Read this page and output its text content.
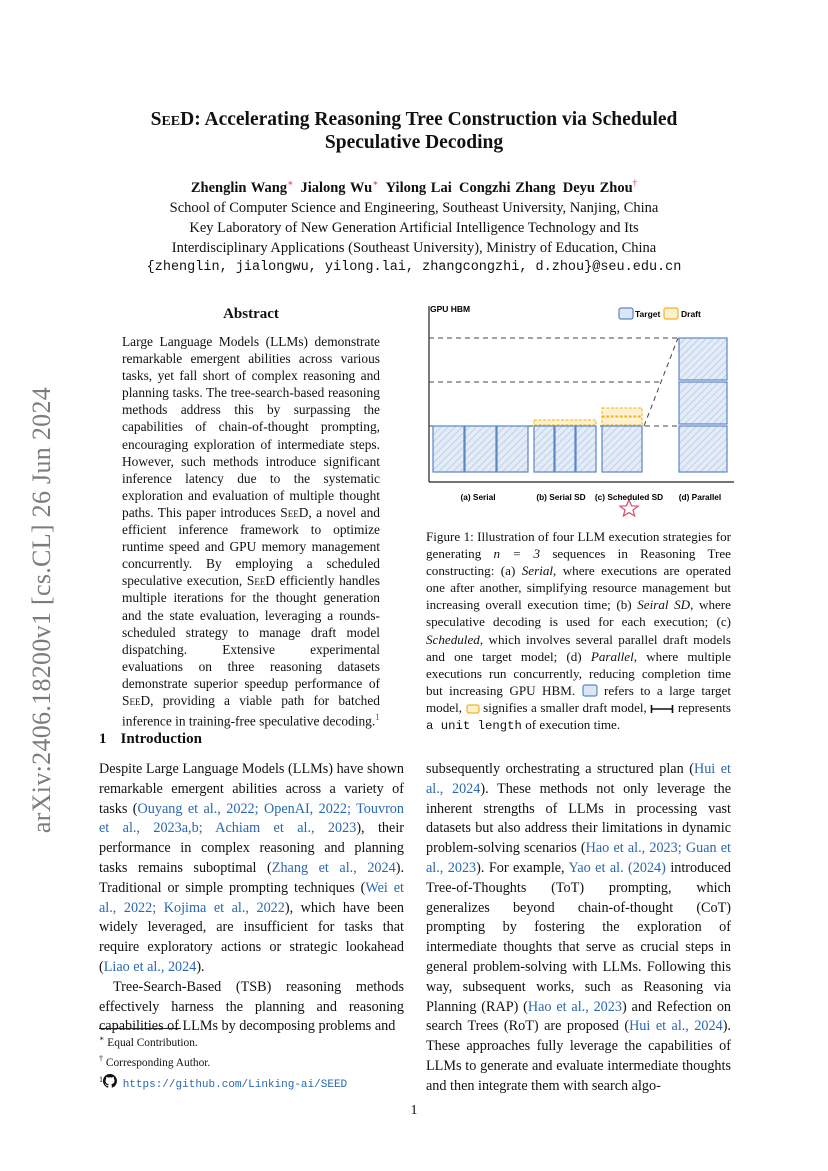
SeeD: Accelerating Reasoning Tree Construction via Scheduled
Speculative Decoding
Zhenglin Wang∗  Jialong Wu∗  Yilong Lai  Congzhi Zhang  Deyu Zhou†
School of Computer Science and Engineering, Southeast University, Nanjing, China
Key Laboratory of New Generation Artificial Intelligence Technology and Its
Interdisciplinary Applications (Southeast University), Ministry of Education, China
{zhenglin, jialongwu, yilong.lai, zhangcongzhi, d.zhou}@seu.edu.cn
arXiv:2406.18200v1 [cs.CL] 26 Jun 2024
Abstract

Large Language Models (LLMs) demonstrate remarkable emergent abilities across various tasks, yet fall short of complex reasoning and planning tasks. The tree-search-based reasoning methods address this by surpassing the capabilities of chain-of-thought prompting, encouraging exploration of intermediate steps. However, such methods introduce significant inference latency due to the systematic exploration and evaluation of multiple thought paths. This paper introduces SeeD, a novel and efficient inference framework to optimize runtime speed and GPU memory management concurrently. By employing a scheduled speculative execution, SeeD efficiently handles multiple iterations for the thought generation and the state evaluation, leveraging a rounds-scheduled strategy to manage draft model dispatching. Extensive experimental evaluations on three reasoning datasets demonstrate superior speedup performance of SeeD, providing a viable path for batched inference in training-free speculative decoding.$^1$

GPU HBM	Target Draft
(a) Serial	(b) Serial SD (c) Scheduled SD (d) Parallel

Figure 1: Illustration of four LLM execution strategies for generating n = 3 sequences in Reasoning Tree constructing: (a) Serial, where executions are operated one after another, simplifying resource management but increasing overall execution time; (b) Seiral SD, where speculative decoding is used for each execution; (c) Scheduled, which involves several parallel draft models and one target model; (d) Parallel, where multiple executions run concurrently, reducing completion time but increasing GPU HBM.  refers to a large target model,  signifies a smaller draft model,  represents a unit length of execution time.

1 Introduction

Despite Large Language Models (LLMs) have shown remarkable emergent abilities across a variety of tasks (Ouyang et al., 2022; OpenAI, 2022; Touvron et al., 2023a,b; Achiam et al., 2023), their performance in complex reasoning and planning tasks remains suboptimal (Zhang et al., 2024). Traditional or simple prompting techniques (Wei et al., 2022; Kojima et al., 2022), which have been widely leveraged, are insufficient for tasks that require exploratory actions or strategic lookahead (Liao et al., 2024).

Tree-Search-Based (TSB) reasoning methods effectively harness the planning and reasoning capabilities of LLMs by decomposing problems and

subsequently orchestrating a structured plan (Hui et al., 2024). These methods not only leverage the inherent strengths of LLMs in processing vast datasets but also address their limitations in dynamic problem-solving scenarios (Hao et al., 2023; Guan et al., 2023). For example, Yao et al. (2024) introduced Tree-of-Thoughts (ToT) prompting, which generalizes beyond chain-of-thought (CoT) prompting by fostering the exploration of intermediate thoughts that serve as crucial steps in general problem-solving with LLMs. Following this way, subsequent works, such as Reasoning via Planning (RAP) (Hao et al., 2023) and Refection on search Trees (RoT) are proposed (Hui et al., 2024). These approaches fully leverage the capabilities of LLMs to generate and evaluate intermediate thoughts and then integrate them with search algo-

∗ Equal Contribution.
† Corresponding Author.
$^1$ https://github.com/Linking-ai/SEED
1
